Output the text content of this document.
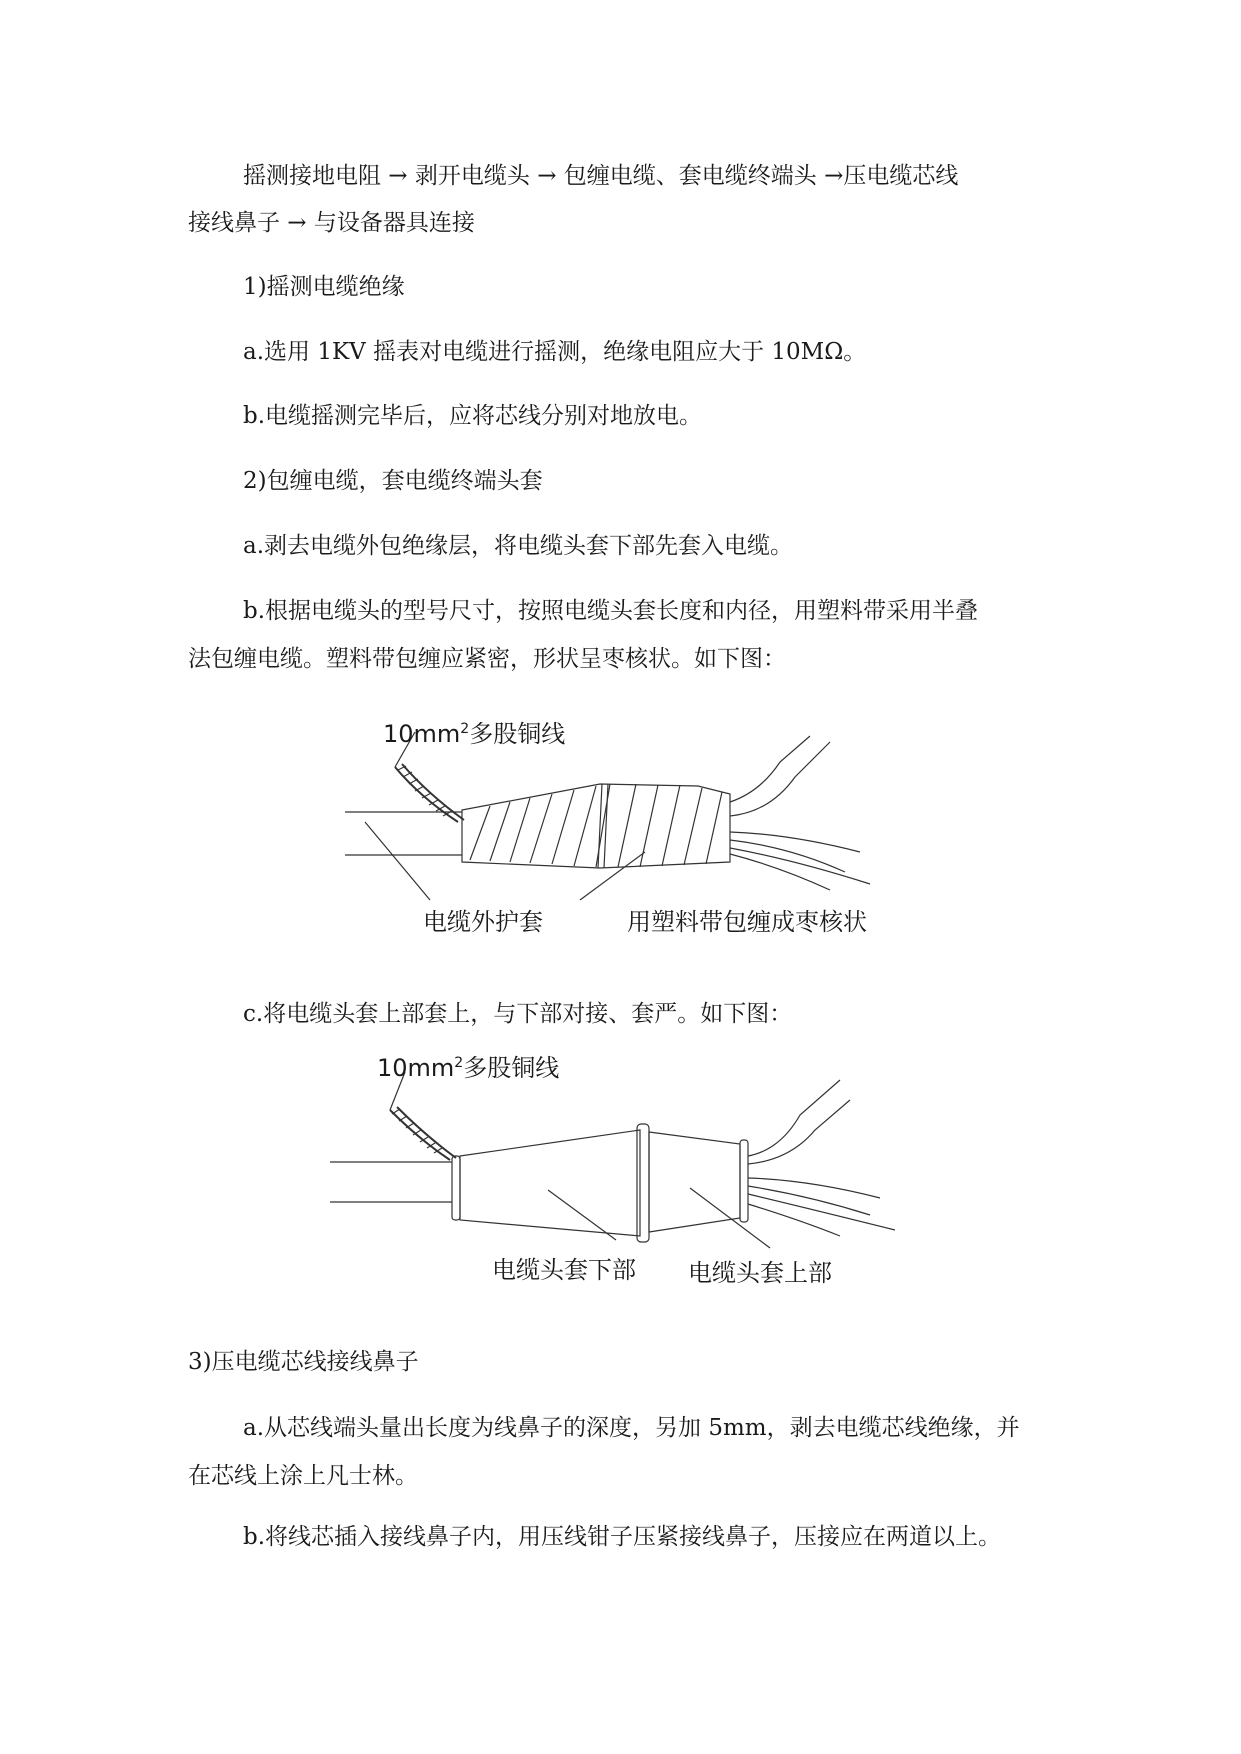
摇测接地电阻 → 剥开电缆头 → 包缠电缆、套电缆终端头 →压电缆芯线
接线鼻子 → 与设备器具连接
1)摇测电缆绝缘
a.选用 1KV 摇表对电缆进行摇测，绝缘电阻应大于 10MΩ。
b.电缆摇测完毕后，应将芯线分别对地放电。
2)包缠电缆，套电缆终端头套
a.剥去电缆外包绝缘层，将电缆头套下部先套入电缆。
b.根据电缆头的型号尺寸，按照电缆头套长度和内径，用塑料带采用半叠
法包缠电缆。塑料带包缠应紧密，形状呈枣核状。如下图：
$10mm^2$多股铜线
电缆外护套	用塑料带包缠成枣核状
c.将电缆头套上部套上，与下部对接、套严。如下图：
$10mm^2$多股铜线
电缆头套下部 电缆头套上部
3)压电缆芯线接线鼻子
a.从芯线端头量出长度为线鼻子的深度，另加 5mm，剥去电缆芯线绝缘，并
在芯线上涂上凡士林。
b.将线芯插入接线鼻子内，用压线钳子压紧接线鼻子，压接应在两道以上。
